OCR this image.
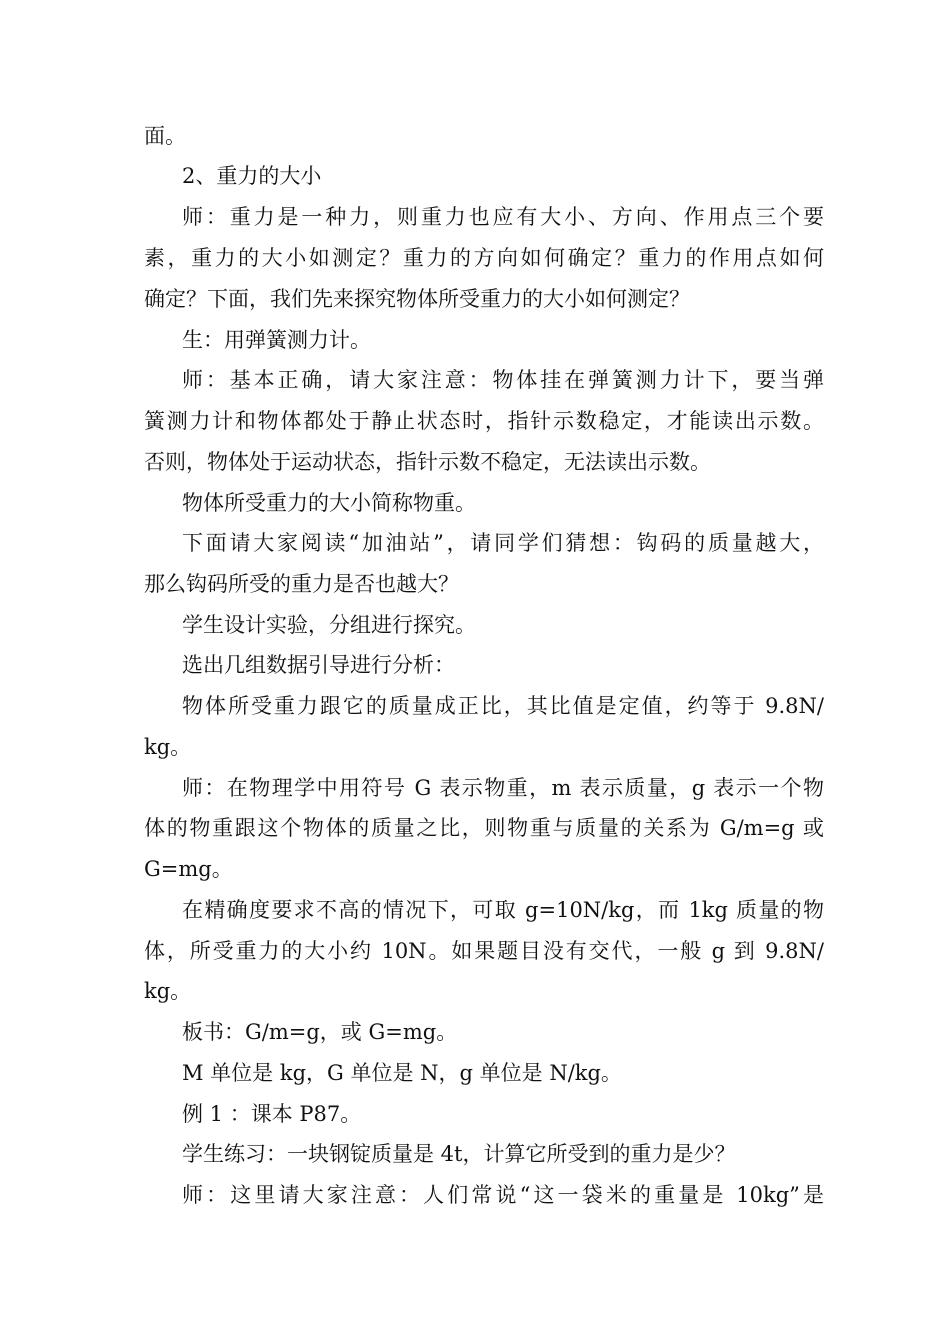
面。
2、重力的大小
师：重力是一种力，则重力也应有大小、方向、作用点三个要
素，重力的大小如测定？重力的方向如何确定？重力的作用点如何
确定？下面，我们先来探究物体所受重力的大小如何测定？
生：用弹簧测力计。
师：基本正确，请大家注意：物体挂在弹簧测力计下，要当弹
簧测力计和物体都处于静止状态时，指针示数稳定，才能读出示数。
否则，物体处于运动状态，指针示数不稳定，无法读出示数。
物体所受重力的大小简称物重。
下面请大家阅读“加油站”，请同学们猜想：钩码的质量越大，
那么钩码所受的重力是否也越大？
学生设计实验，分组进行探究。
选出几组数据引导进行分析：
物体所受重力跟它的质量成正比，其比值是定值，约等于 9.8N/
kg。
师：在物理学中用符号 G 表示物重，m 表示质量，g 表示一个物
体的物重跟这个物体的质量之比，则物重与质量的关系为 G/m=g 或
G=mg。
在精确度要求不高的情况下，可取 g=10N/kg，而 1kg 质量的物
体，所受重力的大小约 10N。如果题目没有交代，一般 g 到 9.8N/
kg。
板书：G/m=g，或 G=mg。
M 单位是 kg，G 单位是 N，g 单位是 N/kg。
例 1 ：课本 P87。
学生练习：一块钢锭质量是 4t，计算它所受到的重力是少？
师：这里请大家注意：人们常说“这一袋米的重量是 10kg”是
